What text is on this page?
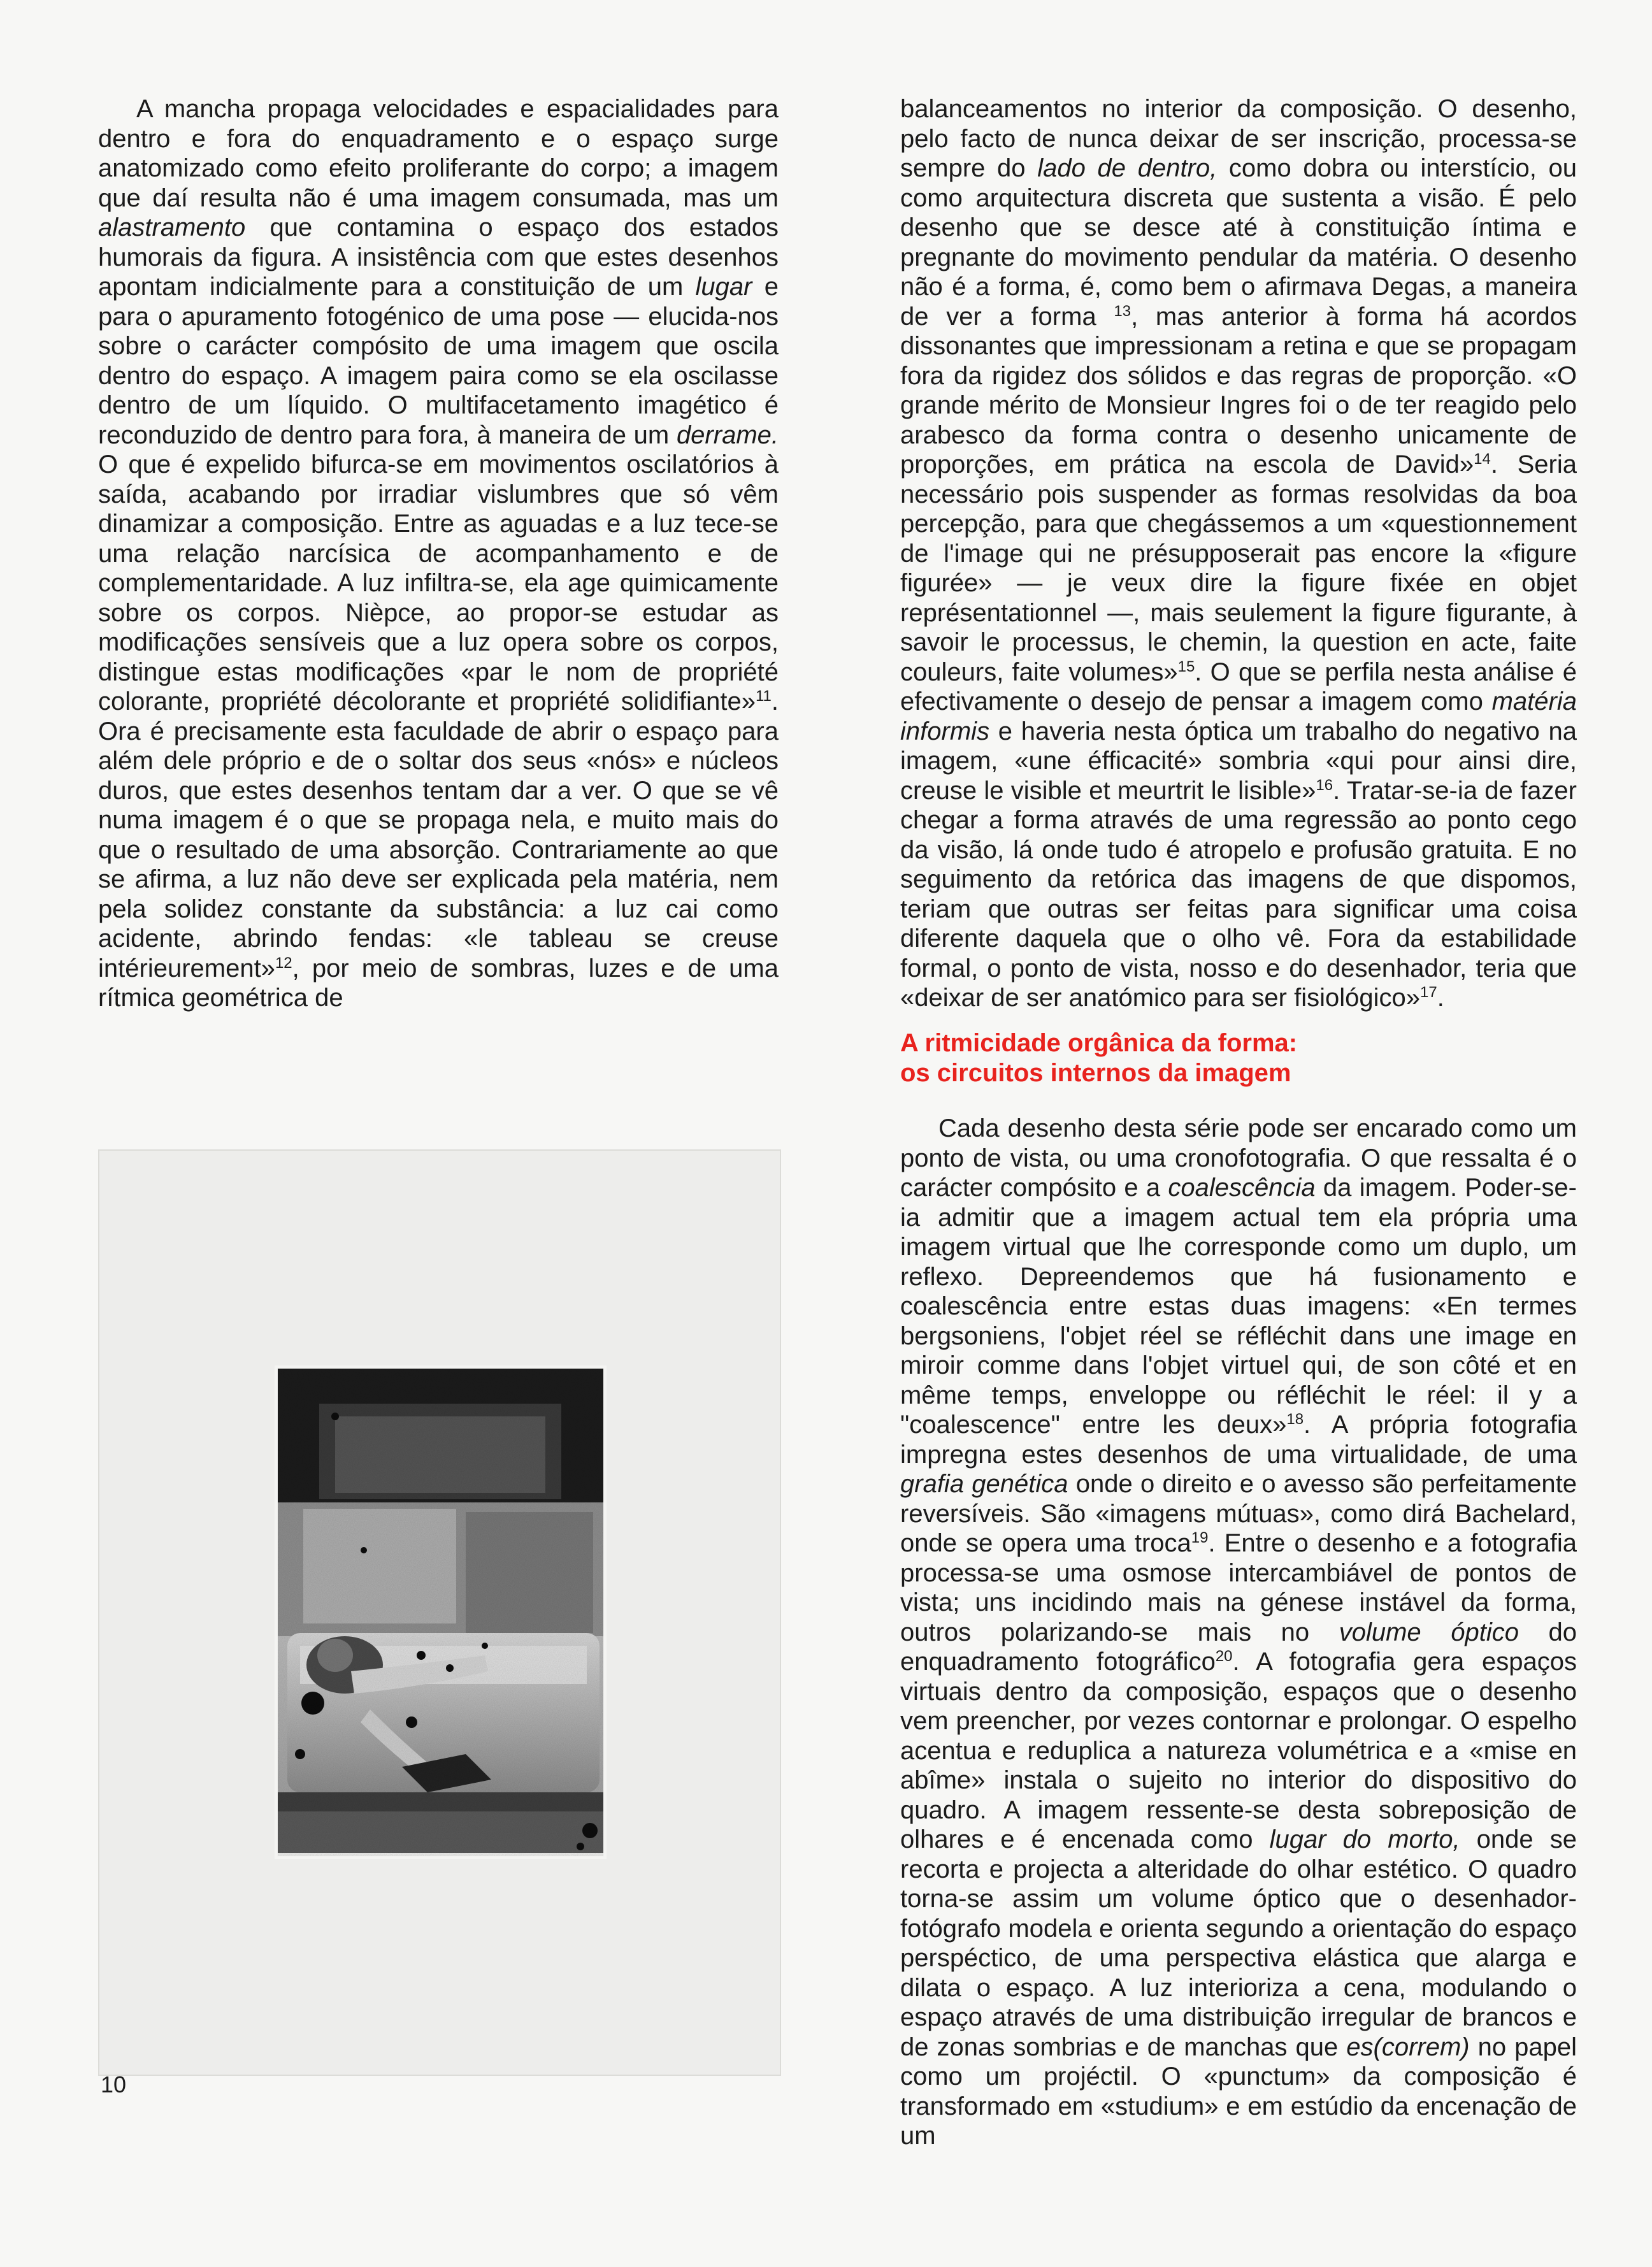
A mancha propaga velocidades e espacialidades para dentro e fora do enquadramento e o espaço surge anatomizado como efeito proliferante do corpo; a imagem que daí resulta não é uma imagem consumada, mas um alastramento que contamina o espaço dos estados humorais da figura. A insistência com que estes desenhos apontam indicialmente para a constituição de um lugar e para o apuramento fotogénico de uma pose — elucida-nos sobre o carácter compósito de uma imagem que oscila dentro do espaço. A imagem paira como se ela oscilasse dentro de um líquido. O multifacetamento imagético é reconduzido de dentro para fora, à maneira de um derrame. O que é expelido bifurca-se em movimentos oscilatórios à saída, acabando por irradiar vislumbres que só vêm dinamizar a composição. Entre as aguadas e a luz tece-se uma relação narcísica de acompanhamento e de complementaridade. A luz infiltra-se, ela age quimicamente sobre os corpos. Nièpce, ao propor-se estudar as modificações sensíveis que a luz opera sobre os corpos, distingue estas modificações «par le nom de propriété colorante, propriété décolorante et propriété solidifiante»$^{11}$. Ora é precisamente esta faculdade de abrir o espaço para além dele próprio e de o soltar dos seus «nós» e núcleos duros, que estes desenhos tentam dar a ver. O que se vê numa imagem é o que se propaga nela, e muito mais do que o resultado de uma absorção. Contrariamente ao que se afirma, a luz não deve ser explicada pela matéria, nem pela solidez constante da substância: a luz cai como acidente, abrindo fendas: «le tableau se creuse intérieurement»$^{12}$, por meio de sombras, luzes e de uma rítmica geométrica de

balanceamentos no interior da composição. O desenho, pelo facto de nunca deixar de ser inscrição, processa-se sempre do lado de dentro, como dobra ou interstício, ou como arquitectura discreta que sustenta a visão. É pelo desenho que se desce até à constituição íntima e pregnante do movimento pendular da matéria. O desenho não é a forma, é, como bem o afirmava Degas, a maneira de ver a forma $^{13}$, mas anterior à forma há acordos dissonantes que impressionam a retina e que se propagam fora da rigidez dos sólidos e das regras de proporção. «O grande mérito de Monsieur Ingres foi o de ter reagido pelo arabesco da forma contra o desenho unicamente de proporções, em prática na escola de David»$^{14}$. Seria necessário pois suspender as formas resolvidas da boa percepção, para que chegássemos a um «questionnement de l'image qui ne présupposerait pas encore la «figure figurée» — je veux dire la figure fixée en objet représentationnel —, mais seulement la figure figurante, à savoir le processus, le chemin, la question en acte, faite couleurs, faite volumes»$^{15}$. O que se perfila nesta análise é efectivamente o desejo de pensar a imagem como matéria informis e haveria nesta óptica um trabalho do negativo na imagem, «une éfficacité» sombria «qui pour ainsi dire, creuse le visible et meurtrit le lisible»$^{16}$. Tratar-se-ia de fazer chegar a forma através de uma regressão ao ponto cego da visão, lá onde tudo é atropelo e profusão gratuita. E no seguimento da retórica das imagens de que dispomos, teriam que outras ser feitas para significar uma coisa diferente daquela que o olho vê. Fora da estabilidade formal, o ponto de vista, nosso e do desenhador, teria que «deixar de ser anatómico para ser fisiológico»$^{17}$.

A ritmicidade orgânica da forma:
os circuitos internos da imagem

Cada desenho desta série pode ser encarado como um ponto de vista, ou uma cronofotografia. O que ressalta é o carácter compósito e a coalescência da imagem. Poder-se-ia admitir que a imagem actual tem ela própria uma imagem virtual que lhe corresponde como um duplo, um reflexo. Depreendemos que há fusionamento e coalescência entre estas duas imagens: «En termes bergsoniens, l'objet réel se réfléchit dans une image en miroir comme dans l'objet virtuel qui, de son côté et en même temps, enveloppe ou réfléchit le réel: il y a "coalescence" entre les deux»$^{18}$. A própria fotografia impregna estes desenhos de uma virtualidade, de uma grafia genética onde o direito e o avesso são perfeitamente reversíveis. São «imagens mútuas», como dirá Bachelard, onde se opera uma troca$^{19}$. Entre o desenho e a fotografia processa-se uma osmose intercambiável de pontos de vista; uns incidindo mais na génese instável da forma, outros polarizando-se mais no volume óptico do enquadramento fotográfico$^{20}$. A fotografia gera espaços virtuais dentro da composição, espaços que o desenho vem preencher, por vezes contornar e prolongar. O espelho acentua e reduplica a natureza volumétrica e a «mise en abîme» instala o sujeito no interior do dispositivo do quadro. A imagem ressente-se desta sobreposição de olhares e é encenada como lugar do morto, onde se recorta e projecta a alteridade do olhar estético. O quadro torna-se assim um volume óptico que o desenhador-fotógrafo modela e orienta segundo a orientação do espaço perspéctico, de uma perspectiva elástica que alarga e dilata o espaço. A luz interioriza a cena, modulando o espaço através de uma distribuição irregular de brancos e de zonas sombrias e de manchas que es(correm) no papel como um projéctil. O «punctum» da composição é transformado em «studium» e em estúdio da encenação de um

10
